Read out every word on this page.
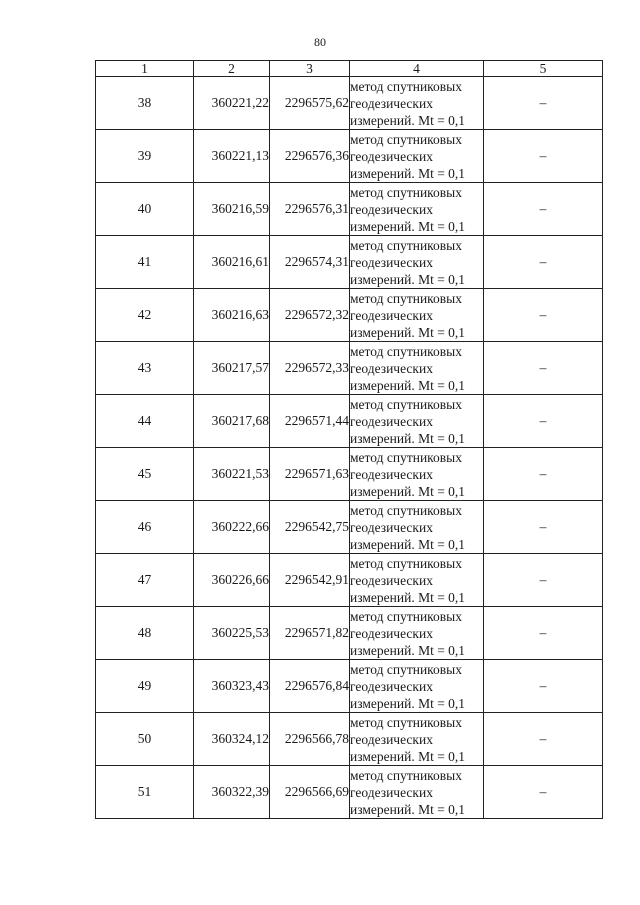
80
1	2	3	4	5
38	360221,22	2296575,62	метод спутниковых
геодезических
измерений. Mt = 0,1	–
39	360221,13	2296576,36	метод спутниковых
геодезических
измерений. Mt = 0,1	–
40	360216,59	2296576,31	метод спутниковых
геодезических
измерений. Mt = 0,1	–
41	360216,61	2296574,31	метод спутниковых
геодезических
измерений. Mt = 0,1	–
42	360216,63	2296572,32	метод спутниковых
геодезических
измерений. Mt = 0,1	–
43	360217,57	2296572,33	метод спутниковых
геодезических
измерений. Mt = 0,1	–
44	360217,68	2296571,44	метод спутниковых
геодезических
измерений. Mt = 0,1	–
45	360221,53	2296571,63	метод спутниковых
геодезических
измерений. Mt = 0,1	–
46	360222,66	2296542,75	метод спутниковых
геодезических
измерений. Mt = 0,1	–
47	360226,66	2296542,91	метод спутниковых
геодезических
измерений. Mt = 0,1	–
48	360225,53	2296571,82	метод спутниковых
геодезических
измерений. Mt = 0,1	–
49	360323,43	2296576,84	метод спутниковых
геодезических
измерений. Mt = 0,1	–
50	360324,12	2296566,78	метод спутниковых
геодезических
измерений. Mt = 0,1	–
51	360322,39	2296566,69	метод спутниковых
геодезических
измерений. Mt = 0,1	–
